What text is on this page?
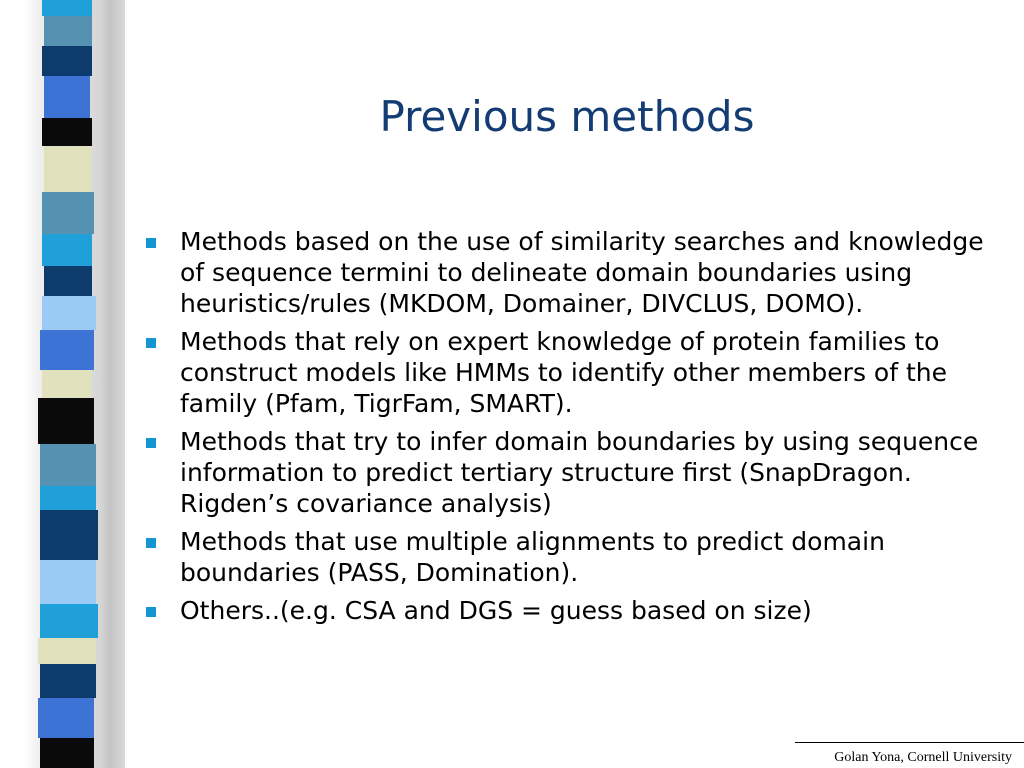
Previous methods
Methods based on the use of similarity searches and knowledge of sequence termini to delineate domain boundaries using heuristics/rules (MKDOM, Domainer, DIVCLUS, DOMO).
Methods that rely on expert knowledge of protein families to construct models like HMMs to identify other members of the family (Pfam, TigrFam, SMART).
Methods that try to infer domain boundaries by using sequence information to predict tertiary structure first (SnapDragon. Rigden’s covariance analysis)
Methods that use multiple alignments to predict domain boundaries (PASS, Domination).
Others..(e.g. CSA and DGS = guess based on size)
Golan Yona, Cornell University
